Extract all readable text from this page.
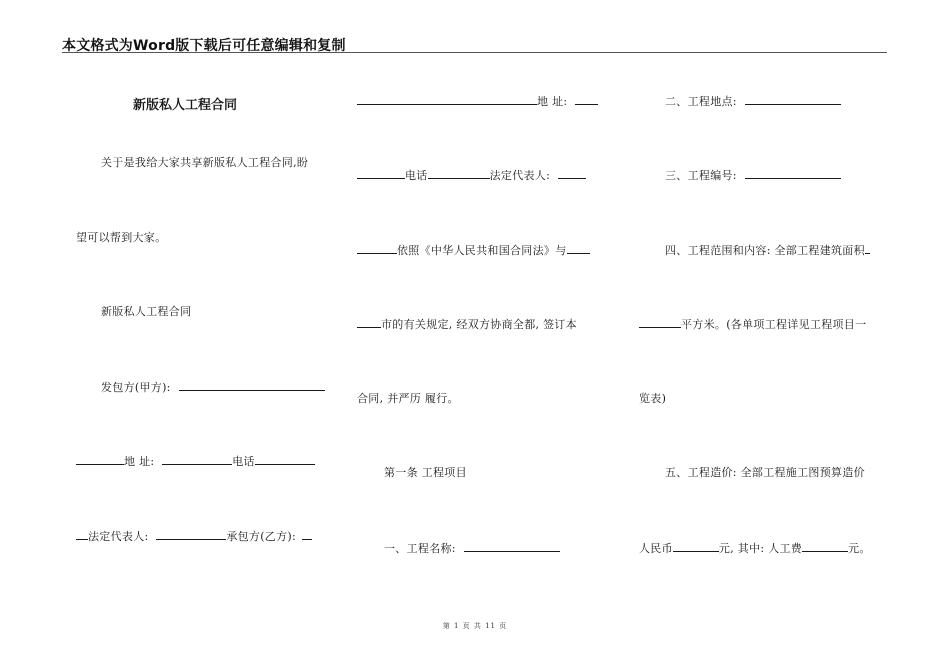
本文格式为Word版下载后可任意编辑和复制
新版私人工程合同
关于是我给大家共享新版私人工程合同,盼
望可以帮到大家。
新版私人工程合同
发包方(甲方):
地 址:	电话
法定代表人:	承包方(乙方):
地 址:
电话	法定代表人:
依照《中华人民共和国合同法》与
市的有关规定, 经双方协商全都, 签订本
合同, 并严历 履行。
第一条 工程项目
一、工程名称:
二、工程地点:
三、工程编号:
四、工程范围和内容: 全部工程建筑面积
平方米。(各单项工程详见工程项目一
览表)
五、工程造价: 全部工程施工图预算造价
人民币	元, 其中: 人工费	元。
第 1 页 共 11 页
